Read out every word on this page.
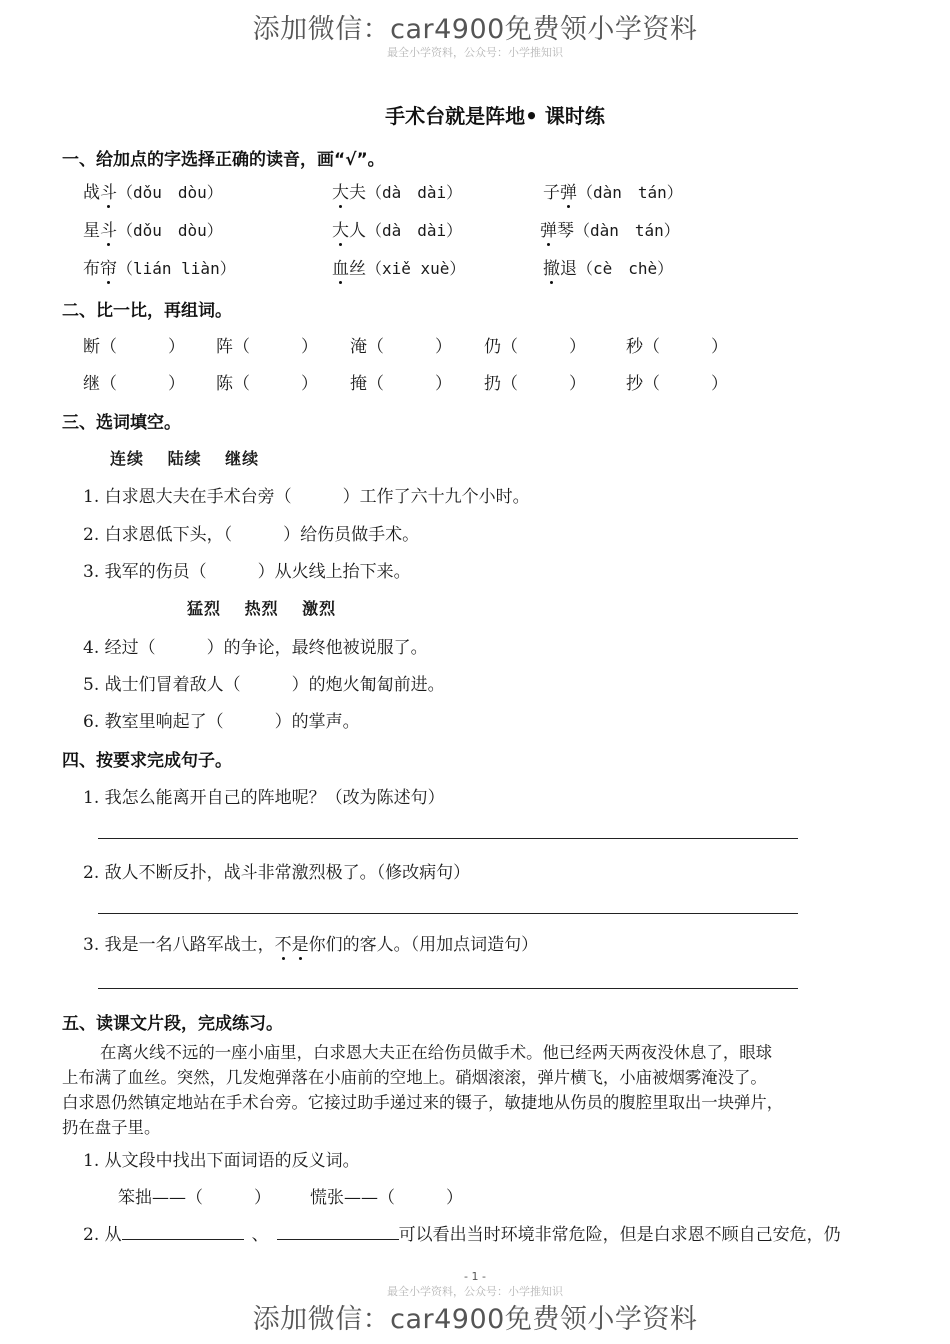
添加微信：car4900免费领小学资料
最全小学资料，公众号：小学推知识
手术台就是阵地• 课时练
一、给加点的字选择正确的读音，画“√”。
战斗（dǒu　dòu）	大夫（dà　dài）	子弹（dàn　tán）
星斗（dǒu　dòu）	大人（dà　dài）	弹琴（dàn　tán）
布帘（lián liàn）	血丝（xiě xuè）	撤退（cè　chè）
二、比一比，再组词。
断（　　　） 阵（　　　） 淹（　　　） 仍（　　　） 秒（　　　）
继（　　　） 陈（　　　） 掩（　　　） 扔（　　　） 抄（　　　）
三、选词填空。
连续　 陆续　 继续
1. 白求恩大夫在手术台旁（　　　）工作了六十九个小时。
2. 白求恩低下头，（　　　）给伤员做手术。
3. 我军的伤员（　　　）从火线上抬下来。
猛烈　 热烈　 激烈
4. 经过（　　　）的争论，最终他被说服了。
5. 战士们冒着敌人（　　　）的炮火匍匐前进。
6. 教室里响起了（　　　）的掌声。
四、按要求完成句子。
1. 我怎么能离开自己的阵地呢？（改为陈述句）
2. 敌人不断反扑，战斗非常激烈极了。（修改病句）
3. 我是一名八路军战士，不是你们的客人。（用加点词造句）
五、读课文片段，完成练习。
在离火线不远的一座小庙里，白求恩大夫正在给伤员做手术。他已经两天两夜没休息了，眼球
上布满了血丝。突然，几发炮弹落在小庙前的空地上。硝烟滚滚，弹片横飞，小庙被烟雾淹没了。
白求恩仍然镇定地站在手术台旁。它接过助手递过来的镊子，敏捷地从伤员的腹腔里取出一块弹片，
扔在盘子里。
1. 从文段中找出下面词语的反义词。
笨拙——（　　　） 慌张——（　　　）
2. 从	、	可以看出当时环境非常危险，但是白求恩不顾自己安危，仍
- 1 -
最全小学资料，公众号：小学推知识
添加微信：car4900免费领小学资料
